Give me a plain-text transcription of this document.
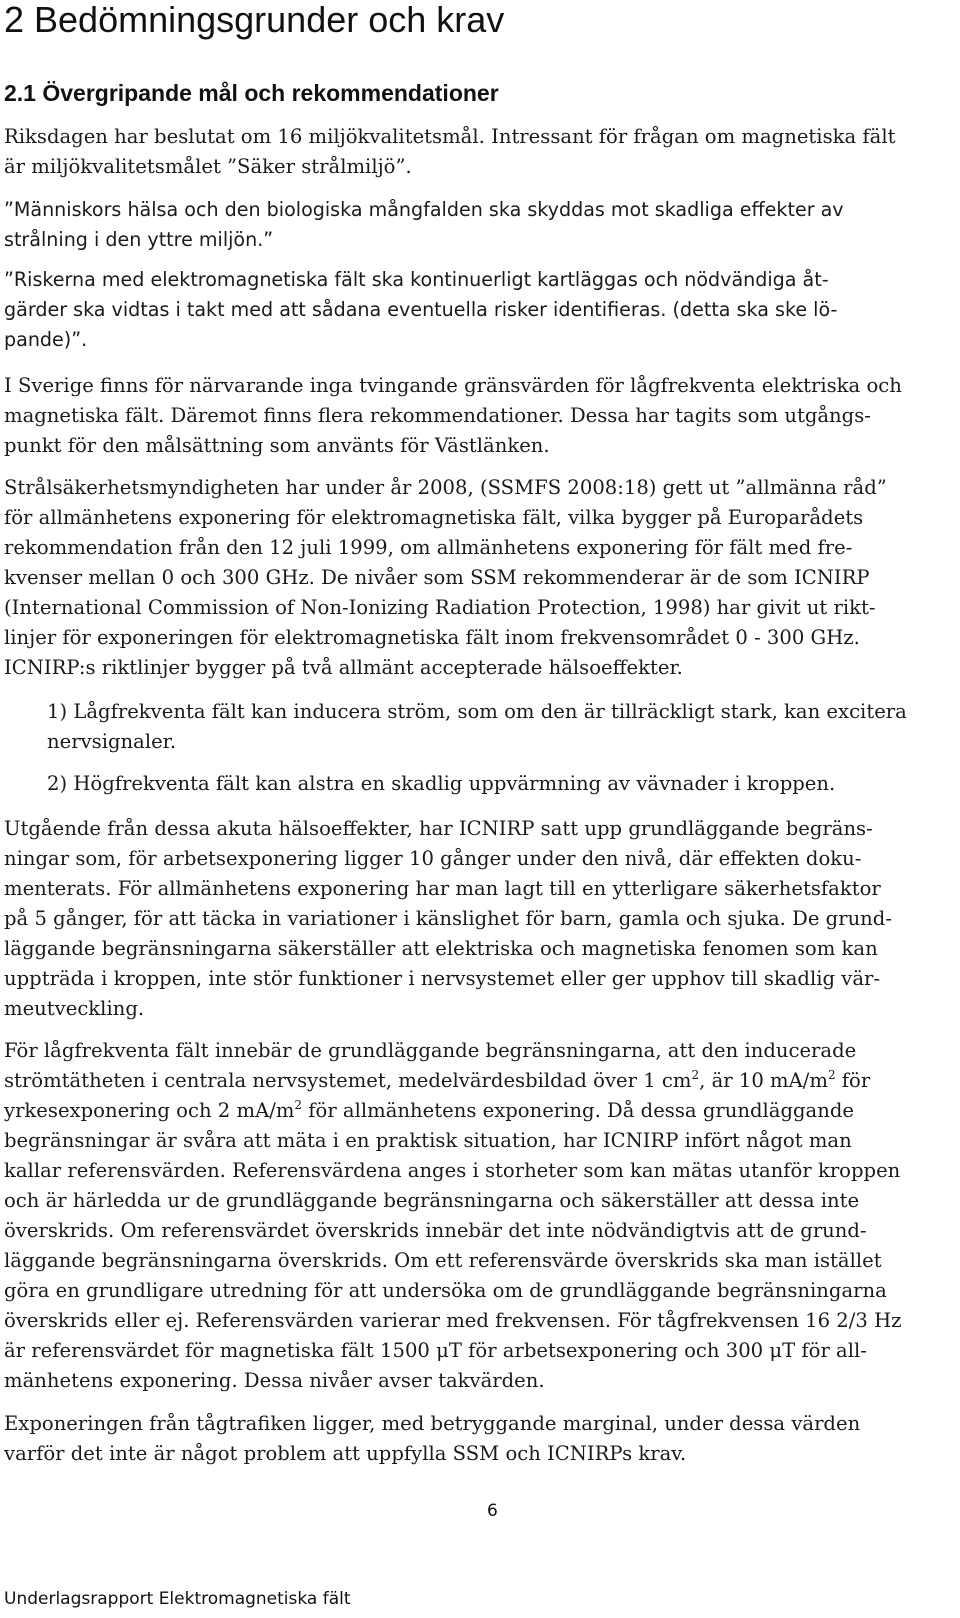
2 Bedömningsgrunder och krav
2.1 Övergripande mål och rekommendationer
Riksdagen har beslutat om 16 miljökvalitetsmål. Intressant för frågan om magnetiska fält
är miljökvalitetsmålet ”Säker strålmiljö”.
”Människors hälsa och den biologiska mångfalden ska skyddas mot skadliga effekter av
strålning i den yttre miljön.”
”Riskerna med elektromagnetiska fält ska kontinuerligt kartläggas och nödvändiga åt-
gärder ska vidtas i takt med att sådana eventuella risker identifieras. (detta ska ske lö-
pande)”.
I Sverige finns för närvarande inga tvingande gränsvärden för lågfrekventa elektriska och
magnetiska fält. Däremot finns flera rekommendationer. Dessa har tagits som utgångs-
punkt för den målsättning som använts för Västlänken.
Strålsäkerhetsmyndigheten har under år 2008, (SSMFS 2008:18) gett ut ”allmänna råd”
för allmänhetens exponering för elektromagnetiska fält, vilka bygger på Europarådets
rekommendation från den 12 juli 1999, om allmänhetens exponering för fält med fre-
kvenser mellan 0 och 300 GHz. De nivåer som SSM rekommenderar är de som ICNIRP
(International Commission of Non-Ionizing Radiation Protection, 1998) har givit ut rikt-
linjer för exponeringen för elektromagnetiska fält inom frekvensområdet 0 - 300 GHz.
ICNIRP:s riktlinjer bygger på två allmänt accepterade hälsoeffekter.
1) Lågfrekventa fält kan inducera ström, som om den är tillräckligt stark, kan excitera
nervsignaler.
2) Högfrekventa fält kan alstra en skadlig uppvärmning av vävnader i kroppen.
Utgående från dessa akuta hälsoeffekter, har ICNIRP satt upp grundläggande begräns-
ningar som, för arbetsexponering ligger 10 gånger under den nivå, där effekten doku-
menterats. För allmänhetens exponering har man lagt till en ytterligare säkerhetsfaktor
på 5 gånger, för att täcka in variationer i känslighet för barn, gamla och sjuka. De grund-
läggande begränsningarna säkerställer att elektriska och magnetiska fenomen som kan
uppträda i kroppen, inte stör funktioner i nervsystemet eller ger upphov till skadlig vär-
meutveckling.
För lågfrekventa fält innebär de grundläggande begränsningarna, att den inducerade
strömtätheten i centrala nervsystemet, medelvärdesbildad över 1 $cm^2$, är 10 $mA/m^2$ för
yrkesexponering och 2 $mA/m^2$ för allmänhetens exponering. Då dessa grundläggande
begränsningar är svåra att mäta i en praktisk situation, har ICNIRP infört något man
kallar referensvärden. Referensvärdena anges i storheter som kan mätas utanför kroppen
och är härledda ur de grundläggande begränsningarna och säkerställer att dessa inte
överskrids. Om referensvärdet överskrids innebär det inte nödvändigtvis att de grund-
läggande begränsningarna överskrids. Om ett referensvärde överskrids ska man istället
göra en grundligare utredning för att undersöka om de grundläggande begränsningarna
överskrids eller ej. Referensvärden varierar med frekvensen. För tågfrekvensen 16 2/3 Hz
är referensvärdet för magnetiska fält 1500 μT för arbetsexponering och 300 μT för all-
mänhetens exponering. Dessa nivåer avser takvärden.
Exponeringen från tågtrafiken ligger, med betryggande marginal, under dessa värden
varför det inte är något problem att uppfylla SSM och ICNIRPs krav.
6
Underlagsrapport Elektromagnetiska fält
